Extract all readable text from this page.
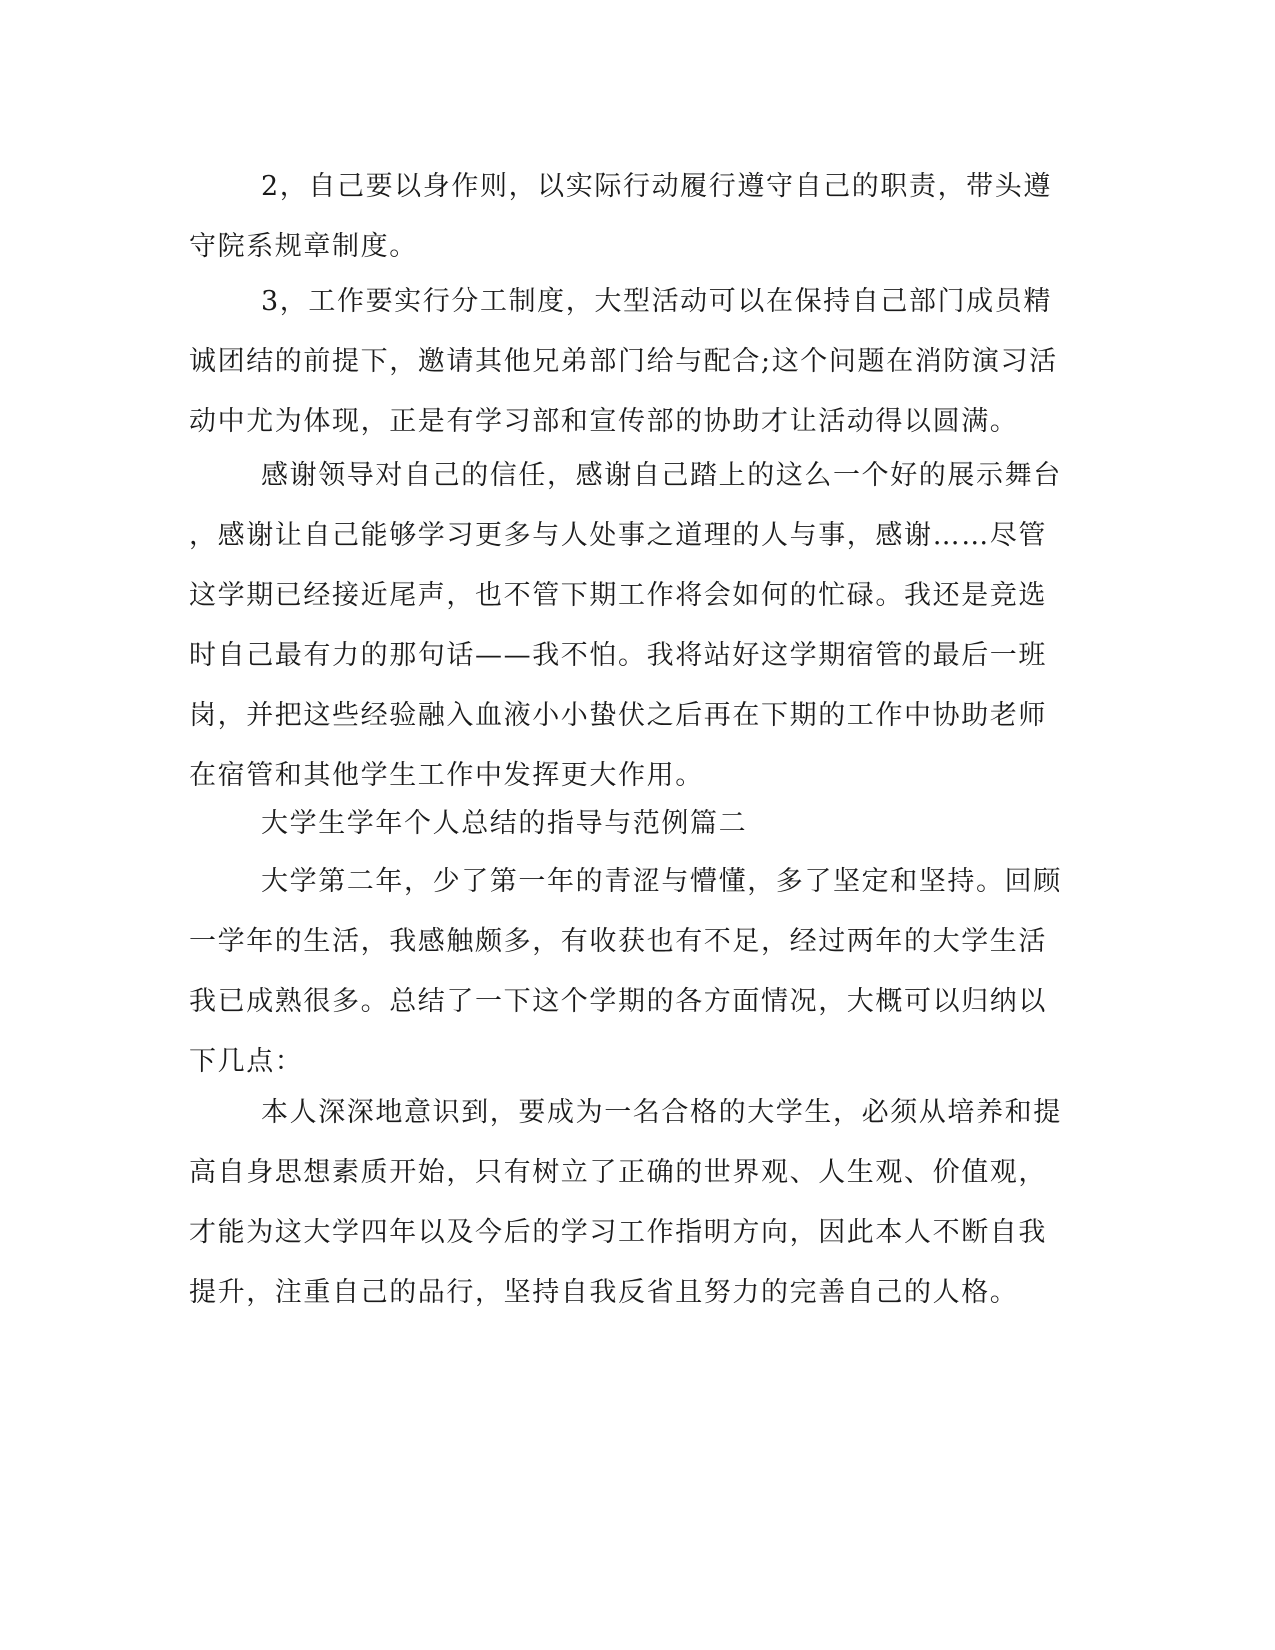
2，自己要以身作则，以实际行动履行遵守自己的职责，带头遵
守院系规章制度。

3，工作要实行分工制度，大型活动可以在保持自己部门成员精
诚团结的前提下，邀请其他兄弟部门给与配合;这个问题在消防演习活
动中尤为体现，正是有学习部和宣传部的协助才让活动得以圆满。

感谢领导对自己的信任，感谢自己踏上的这么一个好的展示舞台
，感谢让自己能够学习更多与人处事之道理的人与事，感谢……尽管
这学期已经接近尾声，也不管下期工作将会如何的忙碌。我还是竞选
时自己最有力的那句话——我不怕。我将站好这学期宿管的最后一班
岗，并把这些经验融入血液小小蛰伏之后再在下期的工作中协助老师
在宿管和其他学生工作中发挥更大作用。

大学生学年个人总结的指导与范例篇二

大学第二年，少了第一年的青涩与懵懂，多了坚定和坚持。回顾
一学年的生活，我感触颇多，有收获也有不足，经过两年的大学生活
我已成熟很多。总结了一下这个学期的各方面情况，大概可以归纳以
下几点：

本人深深地意识到，要成为一名合格的大学生，必须从培养和提
高自身思想素质开始，只有树立了正确的世界观、人生观、价值观，
才能为这大学四年以及今后的学习工作指明方向，因此本人不断自我
提升，注重自己的品行，坚持自我反省且努力的完善自己的人格。
